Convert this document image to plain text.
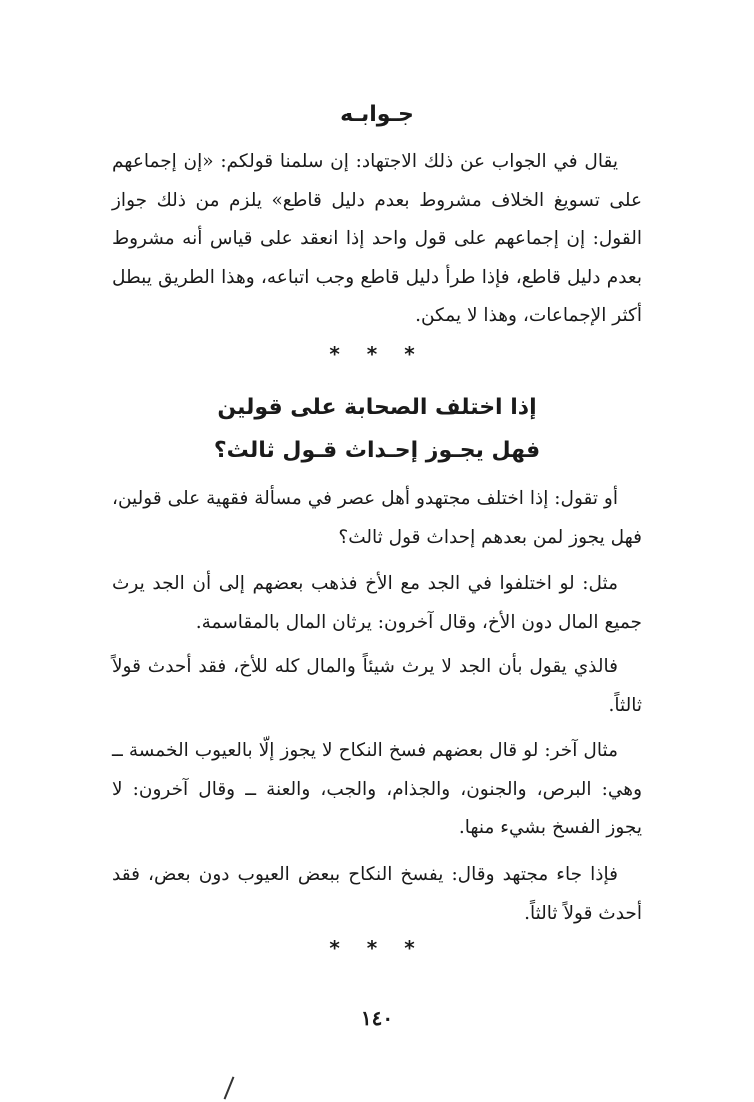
جـوابـه

يقال في الجواب عن ذلك الاجتهاد: إن سلمنا قولكم: «إن إجماعهم على تسويغ الخلاف مشروط بعدم دليل قاطع» يلزم من ذلك جواز القول: إن إجماعهم على قول واحد إذا انعقد على قياس أنه مشروط بعدم دليل قاطع، فإذا طرأ دليل قاطع وجب اتباعه، وهذا الطريق يبطل أكثر الإجماعات، وهذا لا يمكن.

* * *
إذا اختلف الصحابة على قولين
فهل يجـوز إحـداث قـول ثالث؟

أو تقول: إذا اختلف مجتهدو أهل عصر في مسألة فقهية على قولين، فهل يجوز لمن بعدهم إحداث قول ثالث؟

مثل: لو اختلفوا في الجد مع الأخ فذهب بعضهم إلى أن الجد يرث جميع المال دون الأخ، وقال آخرون: يرثان المال بالمقاسمة.

فالذي يقول بأن الجد لا يرث شيئاً والمال كله للأخ، فقد أحدث قولاً ثالثاً.

مثال آخر: لو قال بعضهم فسخ النكاح لا يجوز إلّا بالعيوب الخمسة ــ وهي: البرص، والجنون، والجذام، والجب، والعنة ــ وقال آخرون: لا يجوز الفسخ بشيء منها.

فإذا جاء مجتهد وقال: يفسخ النكاح ببعض العيوب دون بعض، فقد أحدث قولاً ثالثاً.

* * *
١٤٠
